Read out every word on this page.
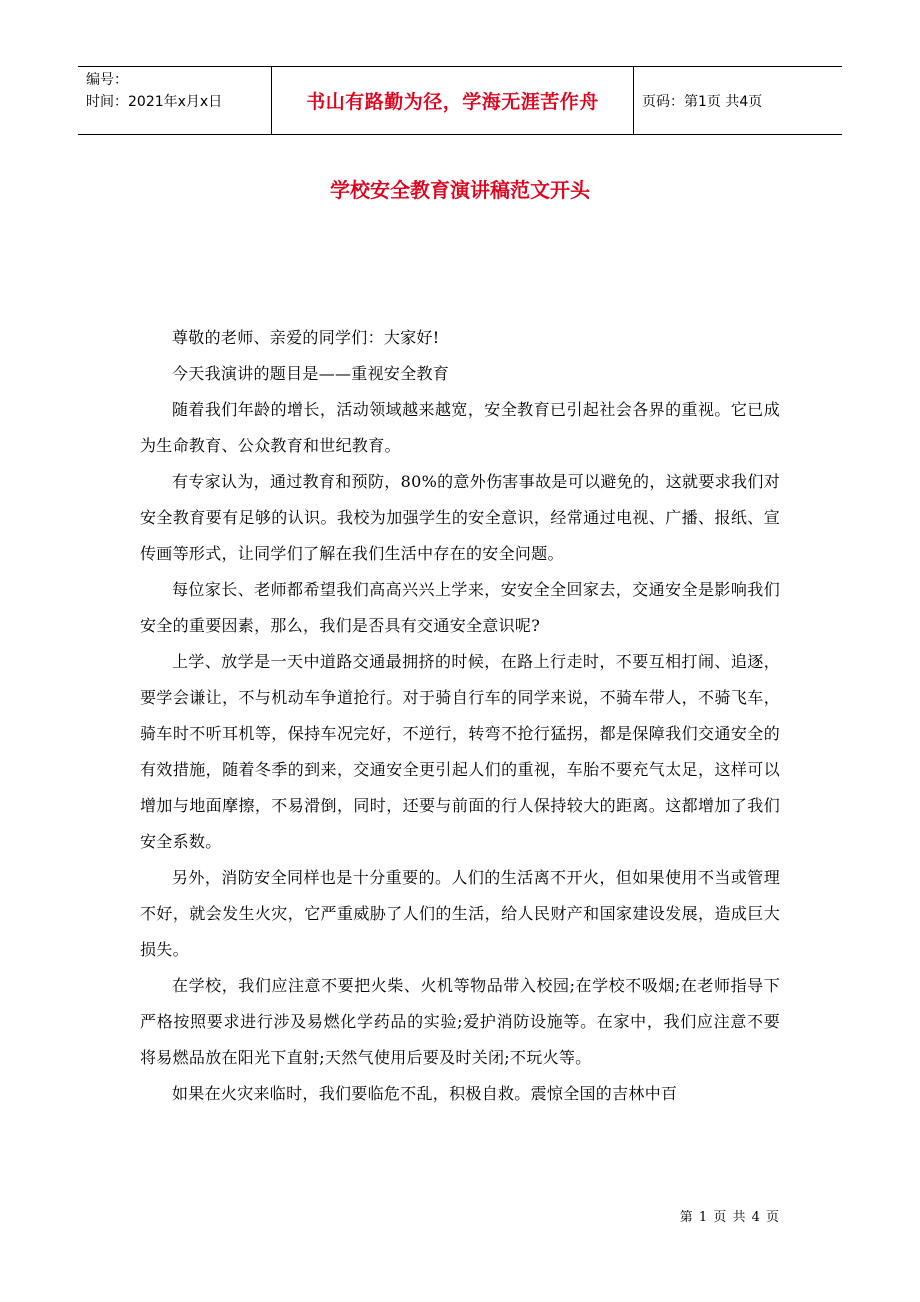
编号：
时间：2021年x月x日	书山有路勤为径，学海无涯苦作舟	页码：第1页 共4页
学校安全教育演讲稿范文开头

尊敬的老师、亲爱的同学们：大家好!

今天我演讲的题目是——重视安全教育

随着我们年龄的增长，活动领域越来越宽，安全教育已引起社会各界的重视。它已成为生命教育、公众教育和世纪教育。

有专家认为，通过教育和预防，80%的意外伤害事故是可以避免的，这就要求我们对安全教育要有足够的认识。我校为加强学生的安全意识，经常通过电视、广播、报纸、宣传画等形式，让同学们了解在我们生活中存在的安全问题。

每位家长、老师都希望我们高高兴兴上学来，安安全全回家去，交通安全是影响我们安全的重要因素，那么，我们是否具有交通安全意识呢?

上学、放学是一天中道路交通最拥挤的时候，在路上行走时，不要互相打闹、追逐，要学会谦让，不与机动车争道抢行。对于骑自行车的同学来说，不骑车带人，不骑飞车，骑车时不听耳机等，保持车况完好，不逆行，转弯不抢行猛拐，都是保障我们交通安全的有效措施，随着冬季的到来，交通安全更引起人们的重视，车胎不要充气太足，这样可以增加与地面摩擦，不易滑倒，同时，还要与前面的行人保持较大的距离。这都增加了我们安全系数。

另外，消防安全同样也是十分重要的。人们的生活离不开火，但如果使用不当或管理不好，就会发生火灾，它严重威胁了人们的生活，给人民财产和国家建设发展，造成巨大损失。

在学校，我们应注意不要把火柴、火机等物品带入校园;在学校不吸烟;在老师指导下严格按照要求进行涉及易燃化学药品的实验;爱护消防设施等。在家中，我们应注意不要将易燃品放在阳光下直射;天然气使用后要及时关闭;不玩火等。

如果在火灾来临时，我们要临危不乱，积极自救。震惊全国的吉林中百

第 1 页 共 4 页
